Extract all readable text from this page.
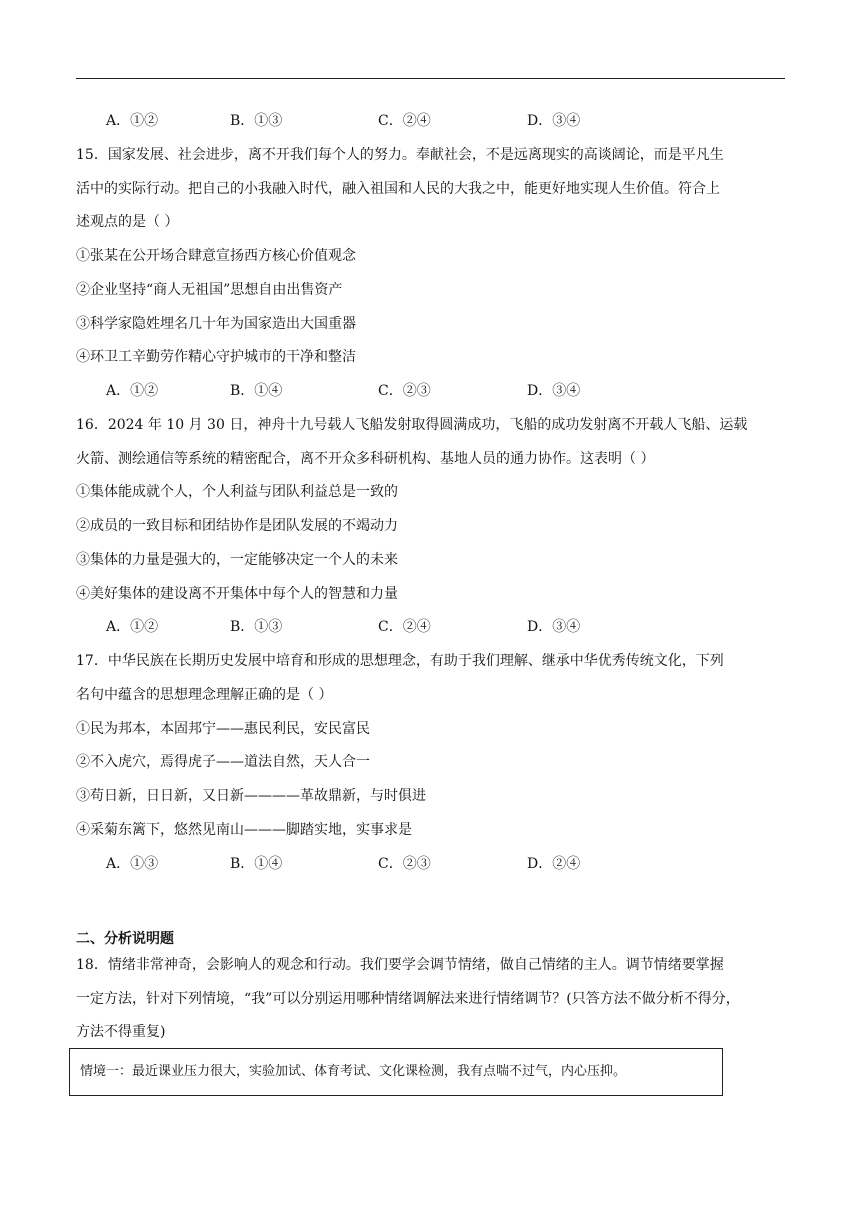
A．①②	B．①③	C．②④	D．③④
15．国家发展、社会进步，离不开我们每个人的努力。奉献社会，不是远离现实的高谈阔论，而是平凡生
活中的实际行动。把自己的小我融入时代，融入祖国和人民的大我之中，能更好地实现人生价值。符合上
述观点的是（ ）
①张某在公开场合肆意宣扬西方核心价值观念
②企业坚持“商人无祖国”思想自由出售资产
③科学家隐姓埋名几十年为国家造出大国重器
④环卫工辛勤劳作精心守护城市的干净和整洁
A．①②	B．①④	C．②③	D．③④
16．2024 年 10 月 30 日，神舟十九号载人飞船发射取得圆满成功，飞船的成功发射离不开载人飞船、运载
火箭、测绘通信等系统的精密配合，离不开众多科研机构、基地人员的通力协作。这表明（ ）
①集体能成就个人，个人利益与团队利益总是一致的
②成员的一致目标和团结协作是团队发展的不竭动力
③集体的力量是强大的，一定能够决定一个人的未来
④美好集体的建设离不开集体中每个人的智慧和力量
A．①②	B．①③	C．②④	D．③④
17．中华民族在长期历史发展中培育和形成的思想理念，有助于我们理解、继承中华优秀传统文化，下列
名句中蕴含的思想理念理解正确的是（ ）
①民为邦本，本固邦宁——惠民利民，安民富民
②不入虎穴，焉得虎子——道法自然，天人合一
③苟日新，日日新，又日新————革故鼎新，与时俱进
④采菊东篱下，悠然见南山———脚踏实地，实事求是
A．①③	B．①④	C．②③	D．②④
二、分析说明题
18．情绪非常神奇，会影响人的观念和行动。我们要学会调节情绪，做自己情绪的主人。调节情绪要掌握
一定方法，针对下列情境，“我”可以分别运用哪种情绪调解法来进行情绪调节？(只答方法不做分析不得分，
方法不得重复)
情境一：最近课业压力很大，实验加试、体育考试、文化课检测，我有点喘不过气，内心压抑。
